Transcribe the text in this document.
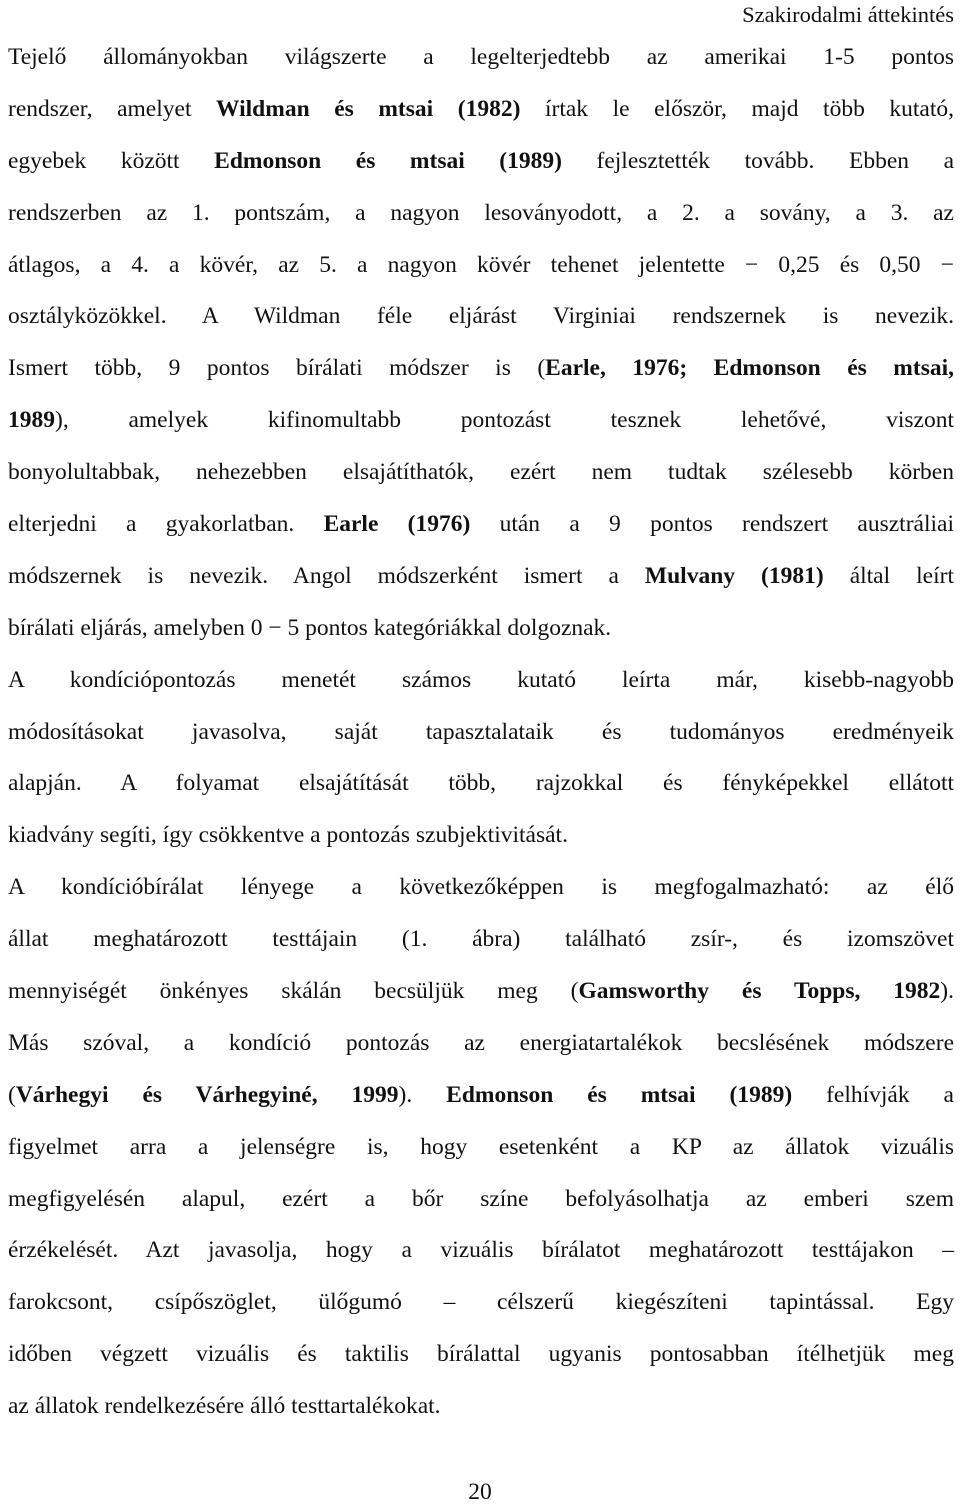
Szakirodalmi áttekintés
Tejelő állományokban világszerte a legelterjedtebb az amerikai 1-5 pontos
rendszer, amelyet Wildman és mtsai (1982) írtak le először, majd több kutató,
egyebek között Edmonson és mtsai (1989) fejlesztették tovább. Ebben a
rendszerben az 1. pontszám, a nagyon lesoványodott, a 2. a sovány, a 3. az
átlagos, a 4. a kövér, az 5. a nagyon kövér tehenet jelentette − 0,25 és 0,50 −
osztályközökkel. A Wildman féle eljárást Virginiai rendszernek is nevezik.
Ismert több, 9 pontos bírálati módszer is (Earle, 1976; Edmonson és mtsai,
1989), amelyek kifinomultabb pontozást tesznek lehetővé, viszont
bonyolultabbak, nehezebben elsajátíthatók, ezért nem tudtak szélesebb körben
elterjedni a gyakorlatban. Earle (1976) után a 9 pontos rendszert ausztráliai
módszernek is nevezik. Angol módszerként ismert a Mulvany (1981) által leírt
bírálati eljárás, amelyben 0 − 5 pontos kategóriákkal dolgoznak.
A kondíciópontozás menetét számos kutató leírta már, kisebb-nagyobb
módosításokat javasolva, saját tapasztalataik és tudományos eredményeik
alapján. A folyamat elsajátítását több, rajzokkal és fényképekkel ellátott
kiadvány segíti, így csökkentve a pontozás szubjektivitását.
A kondícióbírálat lényege a következőképpen is megfogalmazható: az élő
állat meghatározott testtájain (1. ábra) található zsír-, és izomszövet
mennyiségét önkényes skálán becsüljük meg (Gamsworthy és Topps, 1982).
Más szóval, a kondíció pontozás az energiatartalékok becslésének módszere
(Várhegyi és Várhegyiné, 1999). Edmonson és mtsai (1989) felhívják a
figyelmet arra a jelenségre is, hogy esetenként a KP az állatok vizuális
megfigyelésén alapul, ezért a bőr színe befolyásolhatja az emberi szem
érzékelését. Azt javasolja, hogy a vizuális bírálatot meghatározott testtájakon –
farokcsont, csípőszöglet, ülőgumó – célszerű kiegészíteni tapintással. Egy
időben végzett vizuális és taktilis bírálattal ugyanis pontosabban ítélhetjük meg
az állatok rendelkezésére álló testtartalékokat.
20
